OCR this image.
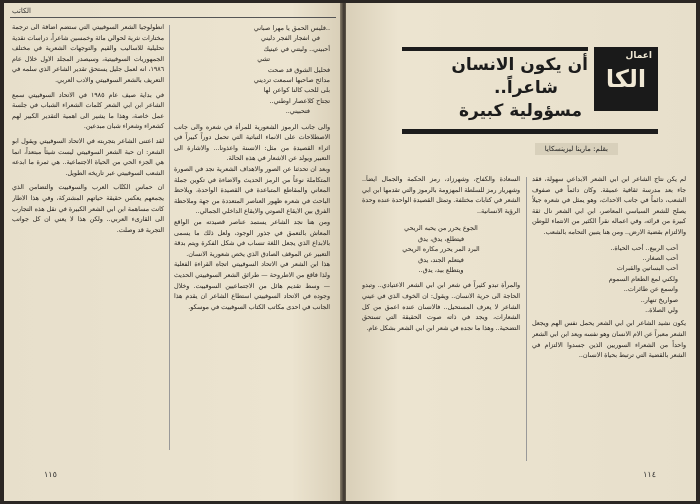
الكاتب
..فليس الحمق يا مهرا صباني
في انفجار الفجر دليني
أحبيني.. وليتني في عينيك
تشي
فحليل الشوق قد صحت
مدائح صاحبها اسمعت ترديني
بلى للحب كالنا كواعن لها
تجتاح كلاعصار اوطني..
فتحبيني..

والى جانب الرموز الشعورية للمرأة في شعره والى جانب الاصطلاحات على الانماء التباتية التي تحمل دوراً كبيراً في اثراء القصيدة من مثل: الانسنة واعذونا... والاشارة الى التعبير ويولد عن الاشعار في هذه الحالة.

وبعد ان تحدثنا عن الصور والاهداف الشعرية نجد في الصورة المتكاملة نوعاً من الرمز الحديث والاضاءة في تكوين جملة المعاني والمقاطع المتباعدة في القصيدة الواحدة، ويلاحظ الباحث في شعره ظهور العناصر المتعددة من جهة وملاحظة الفرق بين الايقاع الصوتي والايقاع الداخلي الجمالي..

ومن هنا نجد الشاعر يستمد عناصر قصيدته من الواقع المعاش بالتعمق في جذور الوجود، ولعل ذلك ما يسمى بالابداع الذي يجعل اللغة تنساب في شكل الفكرة ويتم بدقة التعبير عن الموقف الصادق الذي يخص شعورية الانسان.

هذا ابن الشعر في الاتحاد السوفييتي اتجاه القراءة الفعلية ولذا فاقع من الاطروحة — طرائق الشعر السوفييتي الحديث — وسط تقديم هائل من الاجتماعيين السوفييت. وخلال وجوده في الاتحاد السوفييتي استطاع الشاعر ان يقدم هذا الجانب في احدى مكاتب الكتاب السوفييت في موسكو.

انطولوجيا الشعر السوفييتي التي ستضم اضافة الى ترجمة مختارات نثرية لحوالي مائة وخمسين شاعراً، دراسات نقدية تحليلية للاساليب والقيم والتوجهات الشعرية في مختلف الجمهوريات السوفييتية، وسيصدر المجلد الاول خلال عام ١٩٨٦، انه لعمل جليل يستحق تقدير الشاعر الذي سلمه في التعريف بالشعر السوفييتي والادب العربي.

في بداية صيف عام ١٩٨٥ في الاتحاد السوفييتي سمع الشاعر ابن ابي الشعر كلمات الشعراء الشباب في جلسة عمل خاصة، وهذا ما يشير الى اهمية التقدير الكبير لهم كشعراء وشعراء شبان مبدعين.

لقد اعتنى الشاعر بتجربته في الاتحاد السوفييتي ويقول ابو الشعر: ان حبة الشعر السوفييتي ليست شيئاً مبتعداً، انما هي الجزء الحي من الحياة الاجتماعية.. هي ثمرة ما ابدعه الشعب السوفييتي عبر تاريخه الطويل.

ان حماس الكتّاب العرب والسوفييت والتضامن الذي يجمعهم يعكس حقيقة حياتهم المشتركة، وفي هذا الاطار كانت مساهمة ابن ابي الشعر الكبيرة في نقل هذه التجارب الى القارىء العربي.. ولكن هذا لا يعني ان كل جوانب التجربة قد وصلت.

١١٥
اعمال
الكا
أن يكون الانسان
شاعراً..
مسؤولية كبيرة
بقلم: مارينا ليزينسكايا

لم يكن نتاج الشاعر ابن ابي الشعر الابداعي سهولة، فقد جاء بعد مدرسة ثقافية عميقة. وكان دائماً في صفوف الشعب، دائماً في جانب الاحداث، وهو يمثل في شعره جيلاً يصلح للشعر السياسي المعاصر، ابن ابي الشعر نال ثقة كبيرة من قرائه، وفي اعماله نقرأ الكثير من الانتماء للوطن والالتزام بقضية الارض.. ومن هنا يتبين التحامه بالشعب.

أحب الربيع.. أحب الحياة..
أحب الصغار..
أحب البساتين والقبرات
ولكني لمع الطعام السموم
واسمع عن طائرات..
صواريخ تنهار..
ولي الصلاة..

يكون نشيد الشاعر ابن ابي الشعر يحمل نفس الهم ويجعل الشعر معبراً عن الام الانسان وهو نفسه ويعد ابن ابي الشعر واحداً من الشعراء السوريين الذين جسدوا الالتزام في الشعر بالقضية التي ترتبط بحياة الانسان..

السعادة والكفاح، وشهرزاد، رمز الحكمة والجمال ايضاً.. وشهريار رمز للسلطة المهزومة بالرموز والتي تقدمها ابن ابي الشعر في كتابات مختلفة. وتمثل القصيدة الواحدة عنده وحدة الرؤية الانسانية..

الجوع يحرر من يحبه الريحي
فيتطلع، يدق، يدق
البرد المر يحرر مكاره الريحي
فيتعلم الجند، يدق
ويتطلع بيد، يدق..

والمرأة تبدو كثيراً في شعر ابن ابي الشعر الاعتيادي.. وتبدو الحاجة الى حرية الانسان.. ويقول: ان الخوف الذي في عيني الشاعر لا يعرف المستحيل.. فالانسان عنده اعمق من كل الشعارات، ويجد في ذاته صوت الحقيقة التي تستحق التضحية.. وهذا ما نجده في شعر ابن ابي الشعر بشكل عام.

١١٤
